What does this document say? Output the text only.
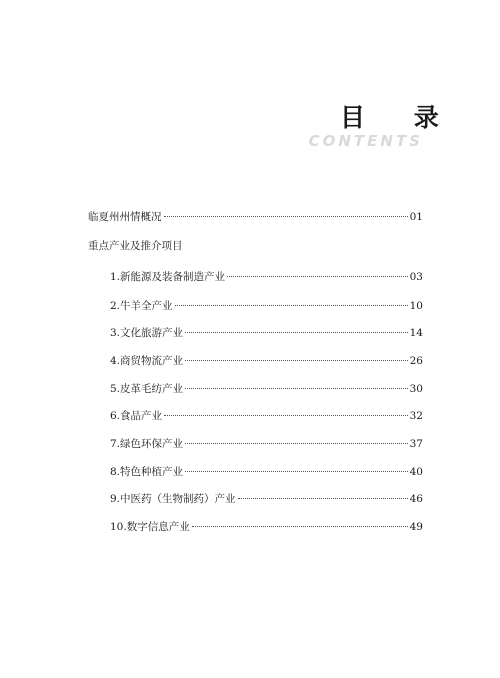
目 录
CONTENTS
临夏州州情概况	01
重点产业及推介项目
1.新能源及装备制造产业	03
2.牛羊全产业	10
3.文化旅游产业	14
4.商贸物流产业	26
5.皮革毛纺产业	30
6.食品产业	32
7.绿色环保产业	37
8.特色种植产业	40
9.中医药（生物制药）产业	46
10.数字信息产业	49
